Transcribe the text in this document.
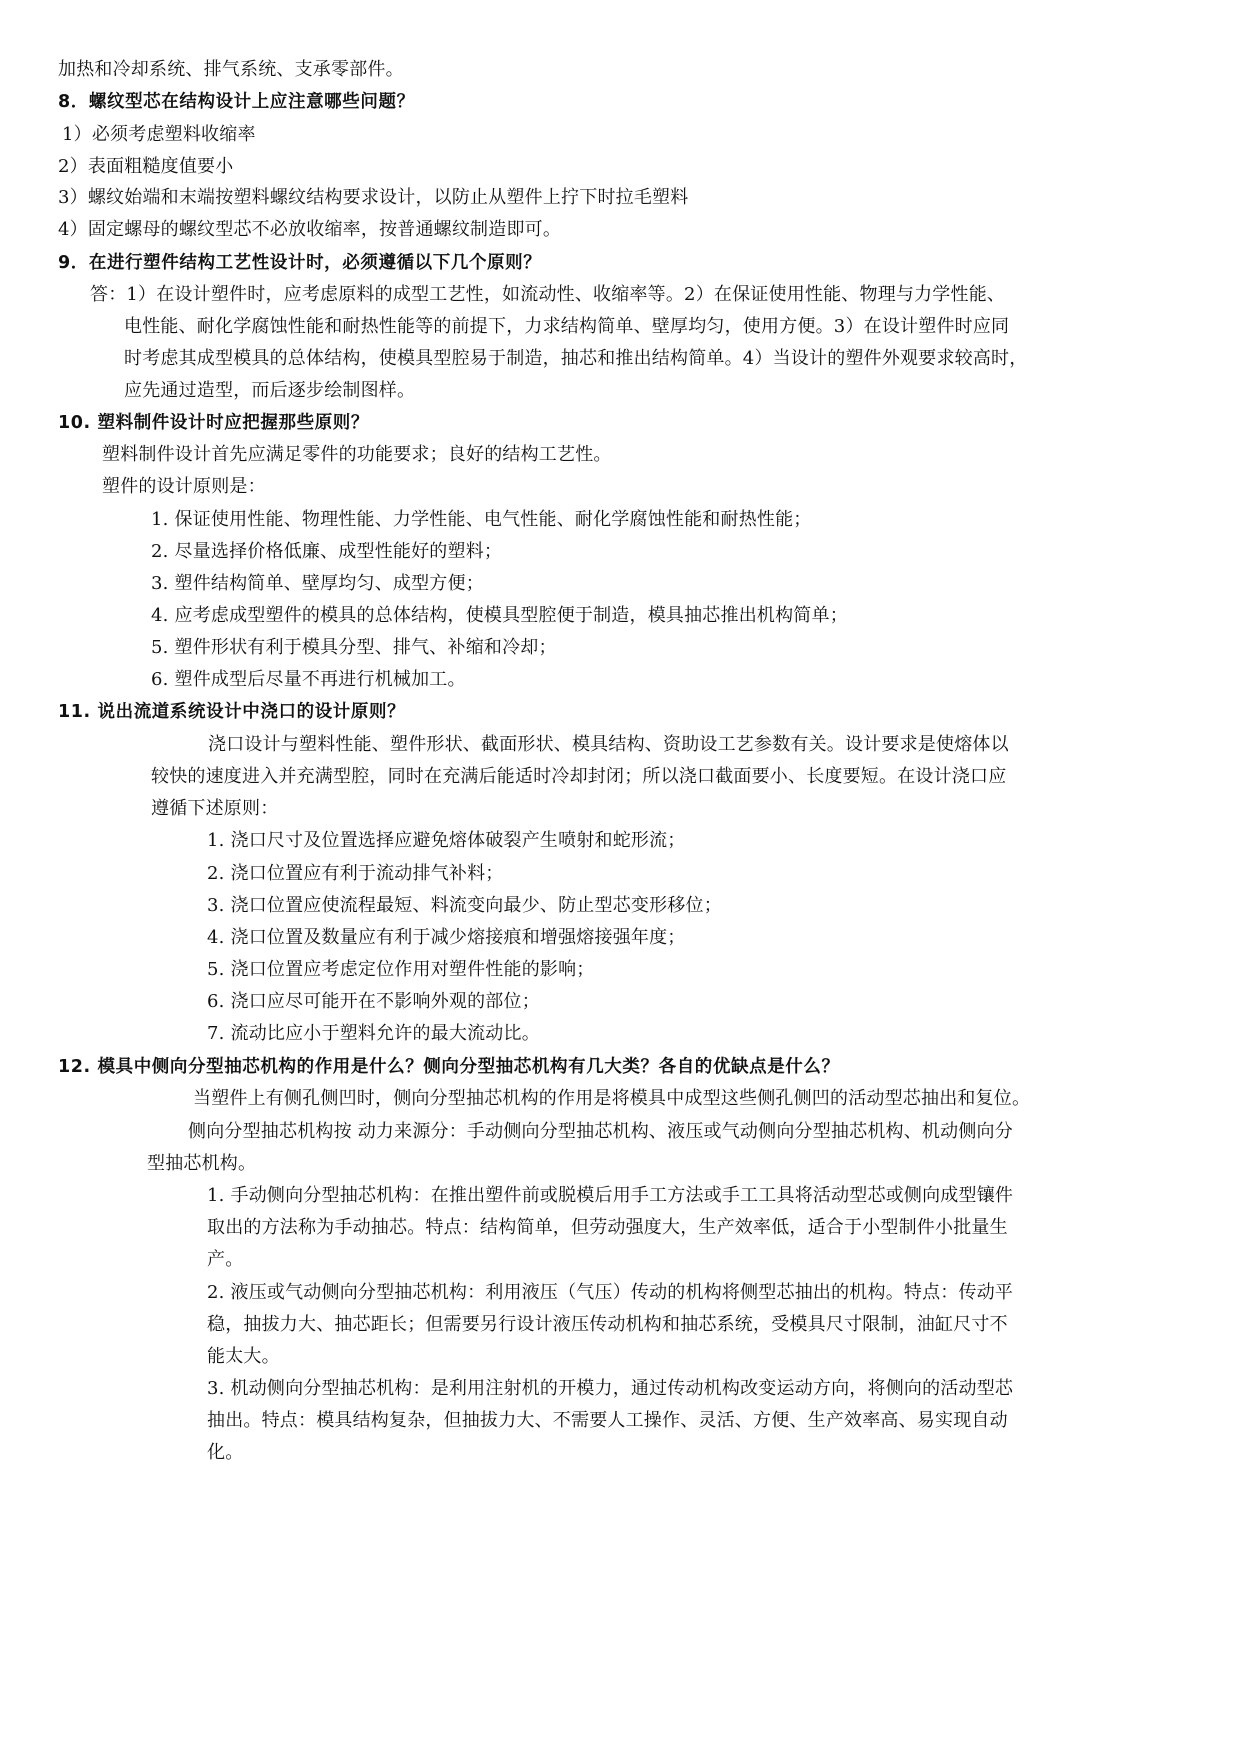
加热和冷却系统、排气系统、支承零部件。
8．螺纹型芯在结构设计上应注意哪些问题？
1）必须考虑塑料收缩率
2）表面粗糙度值要小
3）螺纹始端和末端按塑料螺纹结构要求设计，以防止从塑件上拧下时拉毛塑料
4）固定螺母的螺纹型芯不必放收缩率，按普通螺纹制造即可。
9．在进行塑件结构工艺性设计时，必须遵循以下几个原则？
答：1）在设计塑件时，应考虑原料的成型工艺性，如流动性、收缩率等。2）在保证使用性能、物理与力学性能、
电性能、耐化学腐蚀性能和耐热性能等的前提下，力求结构简单、壁厚均匀，使用方便。3）在设计塑件时应同
时考虑其成型模具的总体结构，使模具型腔易于制造，抽芯和推出结构简单。4）当设计的塑件外观要求较高时，
应先通过造型，而后逐步绘制图样。
10. 塑料制件设计时应把握那些原则？
塑料制件设计首先应满足零件的功能要求；良好的结构工艺性。
塑件的设计原则是：
1. 保证使用性能、物理性能、力学性能、电气性能、耐化学腐蚀性能和耐热性能；
2. 尽量选择价格低廉、成型性能好的塑料；
3. 塑件结构简单、壁厚均匀、成型方便；
4. 应考虑成型塑件的模具的总体结构，使模具型腔便于制造，模具抽芯推出机构简单；
5. 塑件形状有利于模具分型、排气、补缩和冷却；
6. 塑件成型后尽量不再进行机械加工。
11. 说出流道系统设计中浇口的设计原则？
浇口设计与塑料性能、塑件形状、截面形状、模具结构、资助设工艺参数有关。设计要求是使熔体以
较快的速度进入并充满型腔，同时在充满后能适时冷却封闭；所以浇口截面要小、长度要短。在设计浇口应
遵循下述原则：
1. 浇口尺寸及位置选择应避免熔体破裂产生喷射和蛇形流；
2. 浇口位置应有利于流动排气补料；
3. 浇口位置应使流程最短、料流变向最少、防止型芯变形移位；
4. 浇口位置及数量应有利于减少熔接痕和增强熔接强年度；
5. 浇口位置应考虑定位作用对塑件性能的影响；
6. 浇口应尽可能开在不影响外观的部位；
7. 流动比应小于塑料允许的最大流动比。
12. 模具中侧向分型抽芯机构的作用是什么？侧向分型抽芯机构有几大类？各自的优缺点是什么？
当塑件上有侧孔侧凹时，侧向分型抽芯机构的作用是将模具中成型这些侧孔侧凹的活动型芯抽出和复位。
侧向分型抽芯机构按 动力来源分：手动侧向分型抽芯机构、液压或气动侧向分型抽芯机构、机动侧向分
型抽芯机构。
1. 手动侧向分型抽芯机构：在推出塑件前或脱模后用手工方法或手工工具将活动型芯或侧向成型镶件
取出的方法称为手动抽芯。特点：结构简单，但劳动强度大，生产效率低，适合于小型制件小批量生
产。
2. 液压或气动侧向分型抽芯机构：利用液压（气压）传动的机构将侧型芯抽出的机构。特点：传动平
稳，抽拔力大、抽芯距长；但需要另行设计液压传动机构和抽芯系统，受模具尺寸限制，油缸尺寸不
能太大。
3. 机动侧向分型抽芯机构：是利用注射机的开模力，通过传动机构改变运动方向，将侧向的活动型芯
抽出。特点：模具结构复杂，但抽拔力大、不需要人工操作、灵活、方便、生产效率高、易实现自动
化。
